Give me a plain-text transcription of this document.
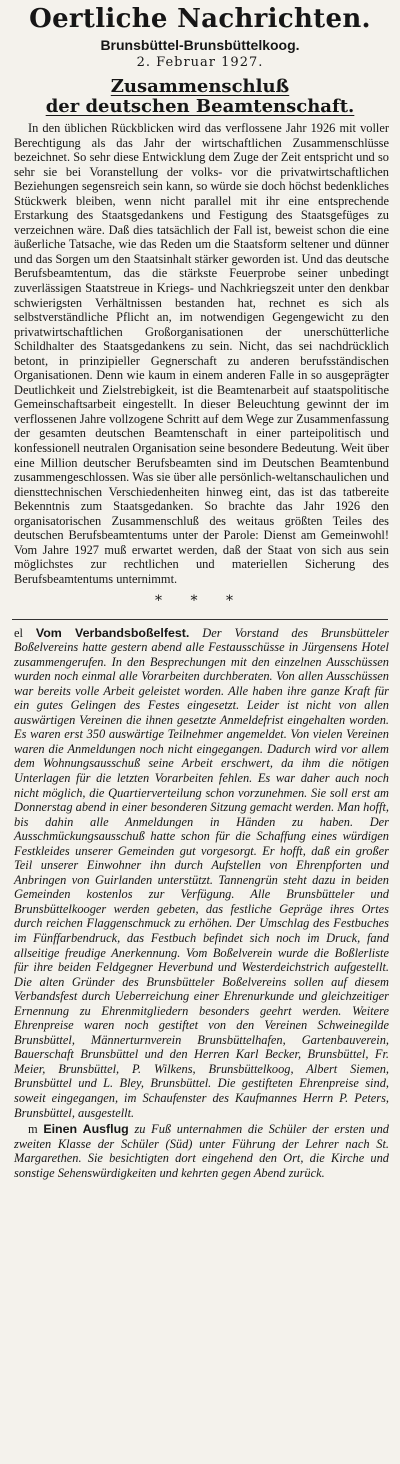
Oertliche Nachrichten.
Brunsbüttel-Brunsbüttelkoog.
2. Februar 1927.
Zusammenschluß
der deutschen Beamtenschaft.

In den üblichen Rückblicken wird das verflossene Jahr 1926 mit voller Berechtigung als das Jahr der wirtschaftlichen Zusammenschlüsse bezeichnet. So sehr diese Entwicklung dem Zuge der Zeit entspricht und so sehr sie bei Voranstellung der volks- vor die privatwirtschaftlichen Beziehungen segensreich sein kann, so würde sie doch höchst bedenkliches Stückwerk bleiben, wenn nicht parallel mit ihr eine entsprechende Erstarkung des Staatsgedankens und Festigung des Staatsgefüges zu verzeichnen wäre. Daß dies tatsächlich der Fall ist, beweist schon die eine äußerliche Tatsache, wie das Reden um die Staatsform seltener und dünner und das Sorgen um den Staatsinhalt stärker geworden ist. Und das deutsche Berufsbeamtentum, das die stärkste Feuerprobe seiner unbedingt zuverlässigen Staatstreue in Kriegs- und Nachkriegszeit unter den denkbar schwierigsten Verhältnissen bestanden hat, rechnet es sich als selbstverständliche Pflicht an, im notwendigen Gegengewicht zu den privatwirtschaftlichen Großorganisationen der unerschütterliche Schildhalter des Staatsgedankens zu sein. Nicht, das sei nachdrücklich betont, in prinzipieller Gegnerschaft zu anderen berufsständischen Organisationen. Denn wie kaum in einem anderen Falle in so ausgeprägter Deutlichkeit und Zielstrebigkeit, ist die Beamtenarbeit auf staatspolitische Gemeinschaftsarbeit eingestellt. In dieser Beleuchtung gewinnt der im verflossenen Jahre vollzogene Schritt auf dem Wege zur Zusammenfassung der gesamten deutschen Beamtenschaft in einer parteipolitisch und konfessionell neutralen Organisation seine besondere Bedeutung. Weit über eine Million deutscher Berufsbeamten sind im Deutschen Beamtenbund zusammengeschlossen. Was sie über alle persönlich-weltanschaulichen und diensttechnischen Verschiedenheiten hinweg eint, das ist das tatbereite Bekenntnis zum Staatsgedanken. So brachte das Jahr 1926 den organisatorischen Zusammenschluß des weitaus größten Teiles des deutschen Berufsbeamtentums unter der Parole: Dienst am Gemeinwohl! Vom Jahre 1927 muß erwartet werden, daß der Staat von sich aus sein möglichstes zur rechtlichen und materiellen Sicherung des Berufsbeamtentums unternimmt.

* * *

el Vom Verbandsboßelfest. Der Vorstand des Brunsbütteler Boßelvereins hatte gestern abend alle Festausschüsse in Jürgensens Hotel zusammengerufen. In den Besprechungen mit den einzelnen Ausschüssen wurden noch einmal alle Vorarbeiten durchberaten. Von allen Ausschüssen war bereits volle Arbeit geleistet worden. Alle haben ihre ganze Kraft für ein gutes Gelingen des Festes eingesetzt. Leider ist nicht von allen auswärtigen Vereinen die ihnen gesetzte Anmeldefrist eingehalten worden. Es waren erst 350 auswärtige Teilnehmer angemeldet. Von vielen Vereinen waren die Anmeldungen noch nicht eingegangen. Dadurch wird vor allem dem Wohnungsausschuß seine Arbeit erschwert, da ihm die nötigen Unterlagen für die letzten Vorarbeiten fehlen. Es war daher auch noch nicht möglich, die Quartierverteilung schon vorzunehmen. Sie soll erst am Donnerstag abend in einer besonderen Sitzung gemacht werden. Man hofft, bis dahin alle Anmeldungen in Händen zu haben. Der Ausschmückungsausschuß hatte schon für die Schaffung eines würdigen Festkleides unserer Gemeinden gut vorgesorgt. Er hofft, daß ein großer Teil unserer Einwohner ihn durch Aufstellen von Ehrenpforten und Anbringen von Guirlanden unterstützt. Tannengrün steht dazu in beiden Gemeinden kostenlos zur Verfügung. Alle Brunsbütteler und Brunsbüttelkooger werden gebeten, das festliche Gepräge ihres Ortes durch reichen Flaggenschmuck zu erhöhen. Der Umschlag des Festbuches im Fünffarbendruck, das Festbuch befindet sich noch im Druck, fand allseitige freudige Anerkennung. Vom Boßelverein wurde die Boßlerliste für ihre beiden Feldgegner Heverbund und Westerdeichstrich aufgestellt. Die alten Gründer des Brunsbütteler Boßelvereins sollen auf diesem Verbandsfest durch Ueberreichung einer Ehrenurkunde und gleichzeitiger Ernennung zu Ehrenmitgliedern besonders geehrt werden. Weitere Ehrenpreise waren noch gestiftet von den Vereinen Schweinegilde Brunsbüttel, Männerturnverein Brunsbüttelhafen, Gartenbauverein, Bauerschaft Brunsbüttel und den Herren Karl Becker, Brunsbüttel, Fr. Meier, Brunsbüttel, P. Wilkens, Brunsbüttelkoog, Albert Siemen, Brunsbüttel und L. Bley, Brunsbüttel. Die gestifteten Ehrenpreise sind, soweit eingegangen, im Schaufenster des Kaufmannes Herrn P. Peters, Brunsbüttel, ausgestellt.

m Einen Ausflug zu Fuß unternahmen die Schüler der ersten und zweiten Klasse der Schüler (Süd) unter Führung der Lehrer nach St. Margarethen. Sie besichtigten dort eingehend den Ort, die Kirche und sonstige Sehenswürdigkeiten und kehrten gegen Abend zurück.
